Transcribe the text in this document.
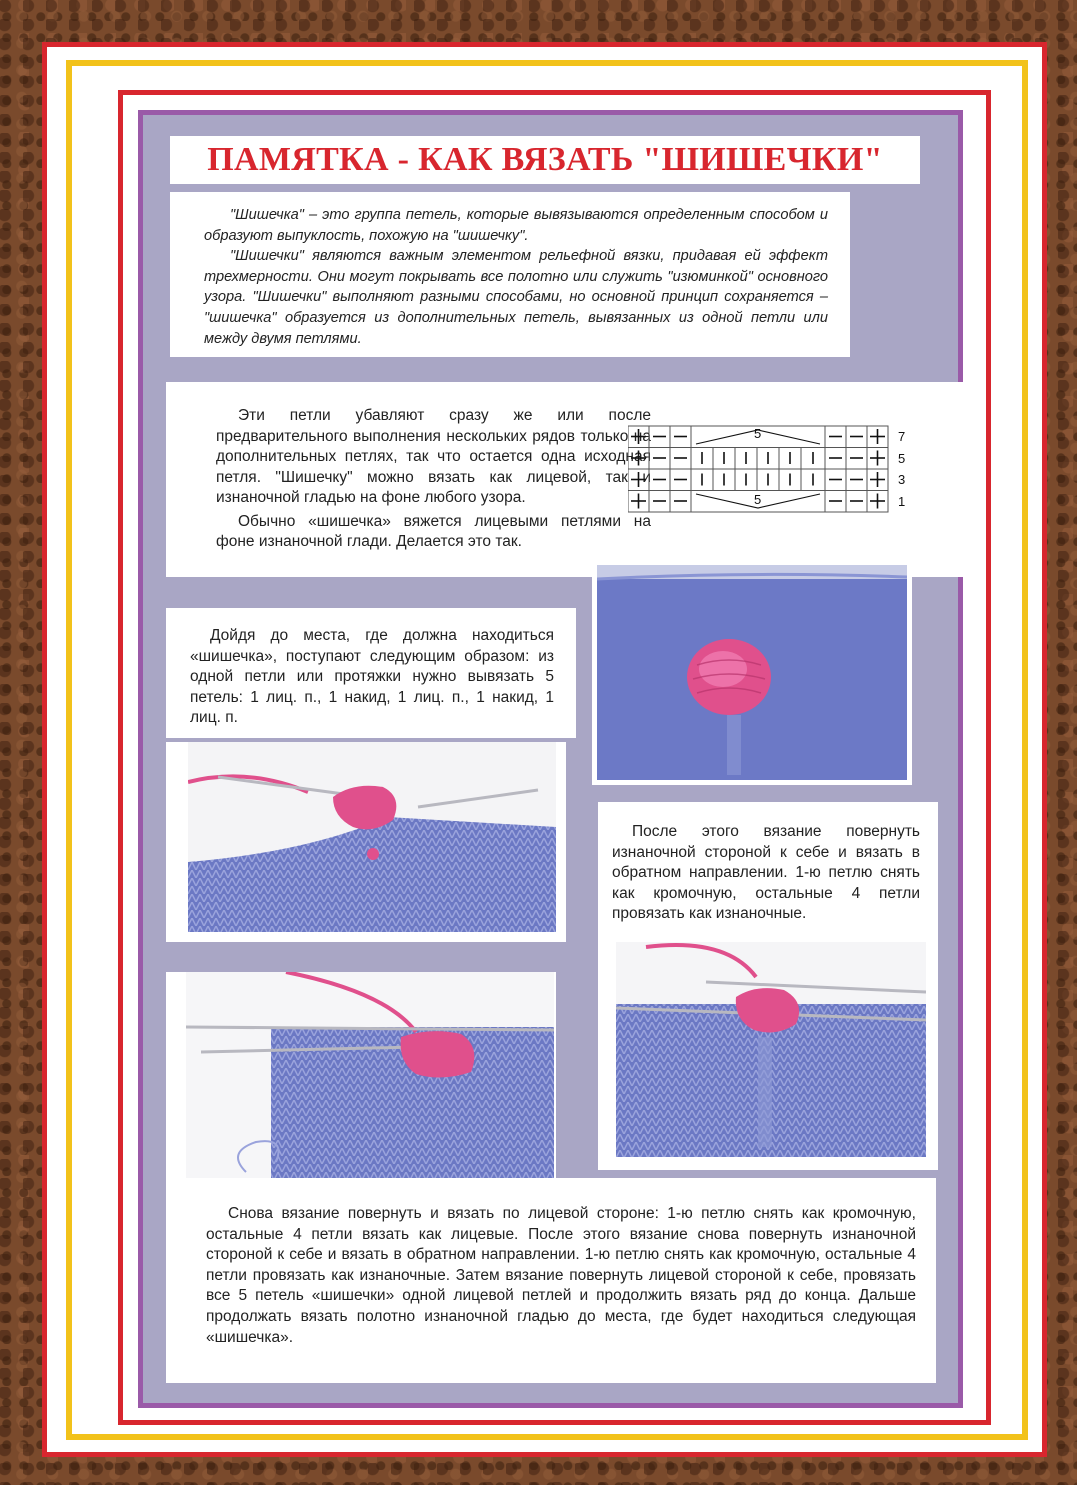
ПАМЯТКА - КАК ВЯЗАТЬ "ШИШЕЧКИ"

"Шишечка" – это группа петель, которые вывязываются определенным способом и образуют выпуклость, похожую на "шишечку".

"Шишечки" являются важным элементом рельефной вязки, придавая ей эффект трехмерности. Они могут покрывать все полотно или служить "изюминкой" основного узора. "Шишечки" выполняют разными способами, но основной принцип сохраняется – "шишечка" образуется из дополнительных петель, вывязанных из одной петли или между двумя петлями.

Эти петли убавляют сразу же или после предварительного выполнения нескольких рядов только на дополнительных петлях, так что остается одна исходная петля. "Шишечку" можно вязать как лицевой, так и изнаночной гладью на фоне любого узора.

Обычно «шишечка» вяжется лицевыми петлями на фоне изнаночной глади. Делается это так.

5
5
7
5
3
1

Дойдя до места, где должна находиться «шишечка», поступают следующим образом: из одной петли или протяжки нужно вывязать 5 петель: 1 лиц. п., 1 накид, 1 лиц. п., 1 накид, 1 лиц. п.

После этого вязание повернуть изнаночной стороной к себе и вязать в обратном направлении. 1-ю петлю снять как кромочную, остальные 4 петли провязать как изнаночные.

Снова вязание повернуть и вязать по лицевой стороне: 1-ю петлю снять как кромочную, остальные 4 петли вязать как лицевые. После этого вязание снова повернуть изнаночной стороной к себе и вязать в обратном направлении. 1-ю петлю снять как кромочную, остальные 4 петли провязать как изнаночные. Затем вязание повернуть лицевой стороной к себе, провязать все 5 петель «шишечки» одной лицевой петлей и продолжить вязать ряд до конца. Дальше продолжать вязать полотно изнаночной гладью до места, где будет находиться следующая «шишечка».
